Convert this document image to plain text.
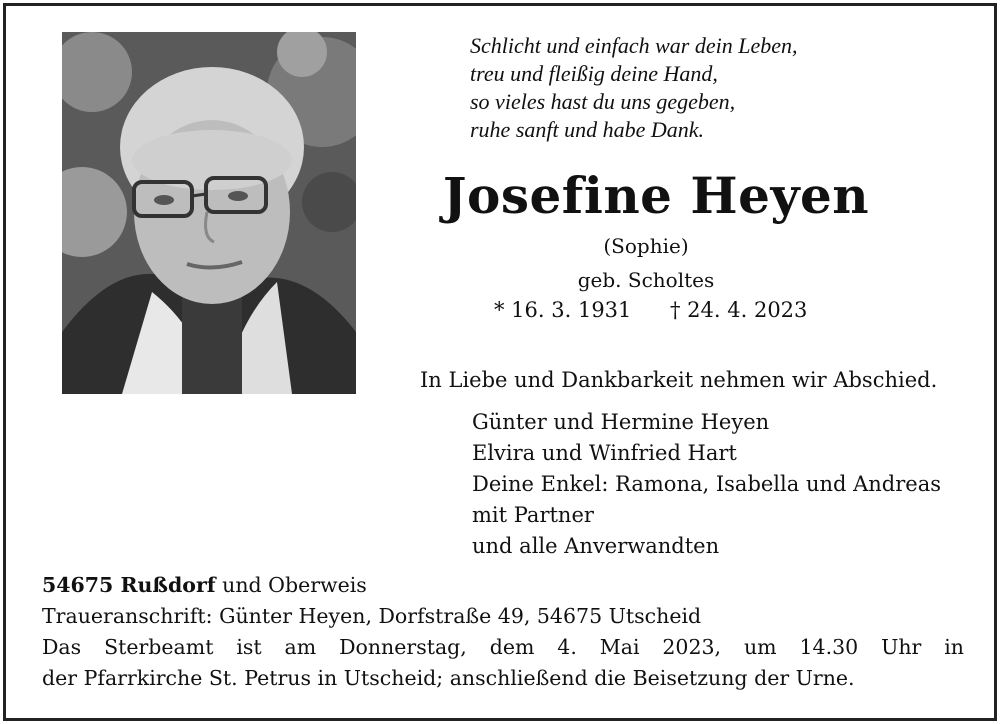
Schlicht und einfach war dein Leben,
treu und fleißig deine Hand,
so vieles hast du uns gegeben,
ruhe sanft und habe Dank.
Josefine Heyen
(Sophie)
geb. Scholtes
* 16. 3. 1931 † 24. 4. 2023
In Liebe und Dankbarkeit nehmen wir Abschied.
Günter und Hermine Heyen
Elvira und Winfried Hart
Deine Enkel: Ramona, Isabella und Andreas
mit Partner
und alle Anverwandten
54675 Rußdorf und Oberweis
Traueranschrift: Günter Heyen, Dorfstraße 49, 54675 Utscheid
Das Sterbeamt ist am Donnerstag, dem 4. Mai 2023, um 14.30 Uhr in
der Pfarrkirche St. Petrus in Utscheid; anschließend die Beisetzung der Urne.
